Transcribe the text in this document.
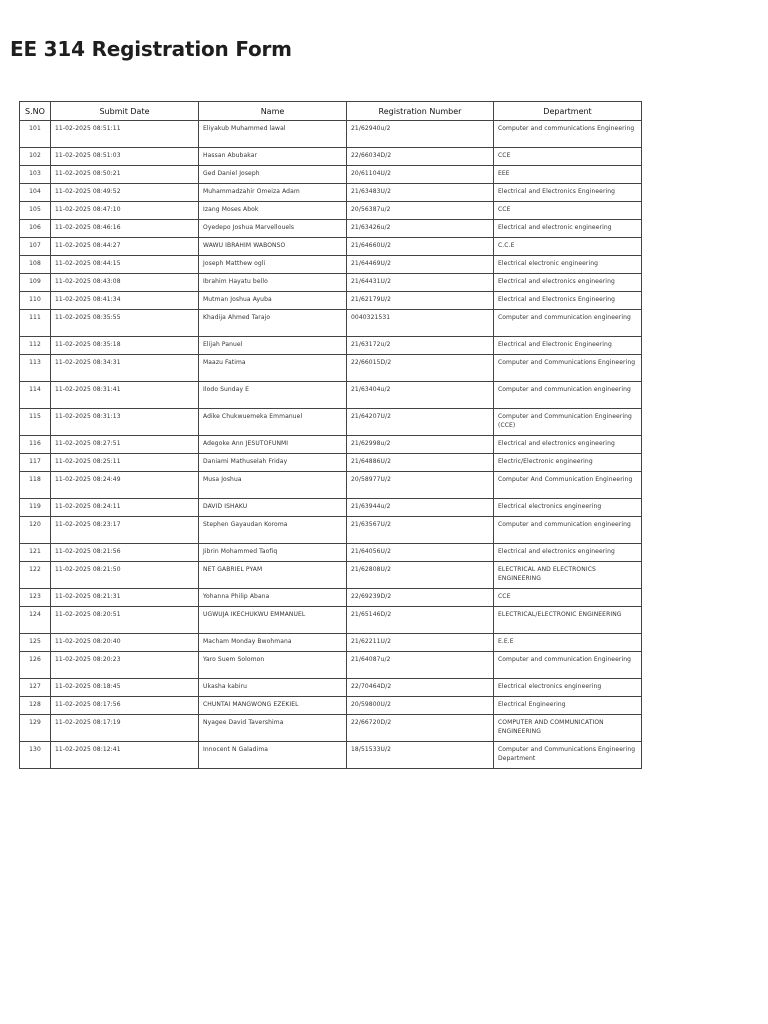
EE 314 Registration Form
S.NO	Submit Date	Name	Registration Number	Department
101	11-02-2025 08:51:11	Eliyakub Muhammed lawal	21/62940u/2	Computer and communications Engineering
102	11-02-2025 08:51:03	Hassan Abubakar	22/66034D/2	CCE
103	11-02-2025 08:50:21	Ged Daniel Joseph	20/61104U/2	EEE
104	11-02-2025 08:49:52	Muhammadzahir Omeiza Adam	21/63483U/2	Electrical and Electronics Engineering
105	11-02-2025 08:47:10	Izang Moses Abok	20/56387u/2	CCE
106	11-02-2025 08:46:16	Oyedepo Joshua Marvellouels	21/63426u/2	Electrical and electronic engineering
107	11-02-2025 08:44:27	WAWU IBRAHIM WABONSO	21/64660U/2	C.C.E
108	11-02-2025 08:44:15	Joseph Matthew ogli	21/64469U/2	Electrical electronic engineering
109	11-02-2025 08:43:08	Ibrahim Hayatu bello	21/64431U/2	Electrical and electronics engineering
110	11-02-2025 08:41:34	Mutman Joshua Ayuba	21/62179U/2	Electrical and Electronics Engineering
111	11-02-2025 08:35:55	Khadija Ahmed Tarajo	0040321531	Computer and communication engineering
112	11-02-2025 08:35:18	Elijah Panuel	21/63172u/2	Electrical and Electronic Engineering
113	11-02-2025 08:34:31	Maazu Fatima	22/66015D/2	Computer and Communications Engineering
114	11-02-2025 08:31:41	Ilodo Sunday E	21/63404u/2	Computer and communication engineering
115	11-02-2025 08:31:13	Adike Chukwuemeka Emmanuel	21/64207U/2	Computer and Communication Engineering (CCE)
116	11-02-2025 08:27:51	Adegoke Ann JESUTOFUNMI	21/62998u/2	Electrical and electronics engineering
117	11-02-2025 08:25:11	Daniami Mathuselah Friday	21/64886U/2	Electric/Electronic engineering
118	11-02-2025 08:24:49	Musa Joshua	20/58977U/2	Computer And Communication Engineering
119	11-02-2025 08:24:11	DAVID ISHAKU	21/63944u/2	Electrical electronics engineering
120	11-02-2025 08:23:17	Stephen Gayaudan Koroma	21/63567U/2	Computer and communication engineering
121	11-02-2025 08:21:56	Jibrin Mohammed Taofiq	21/64056U/2	Electrical and electronics engineering
122	11-02-2025 08:21:50	NET GABRIEL PYAM	21/62808U/2	ELECTRICAL AND ELECTRONICS ENGINEERING
123	11-02-2025 08:21:31	Yohanna Philip Abana	22/69239D/2	CCE
124	11-02-2025 08:20:51	UGWUJA IKECHUKWU EMMANUEL	21/65146D/2	ELECTRICAL/ELECTRONIC ENGINEERING
125	11-02-2025 08:20:40	Macham Monday Bwohmana	21/62211U/2	E.E.E
126	11-02-2025 08:20:23	Yaro Suem Solomon	21/64087u/2	Computer and communication Engineering
127	11-02-2025 08:18:45	Ukasha kabiru	22/70464D/2	Electrical electronics engineering
128	11-02-2025 08:17:56	CHUNTAI MANGWONG EZEKIEL	20/59800U/2	Electrical Engineering
129	11-02-2025 08:17:19	Nyagee David Tavershima	22/66720D/2	COMPUTER AND COMMUNICATION ENGINEERING
130	11-02-2025 08:12:41	Innocent N Galadima	18/51533U/2	Computer and Communications Engineering Department
